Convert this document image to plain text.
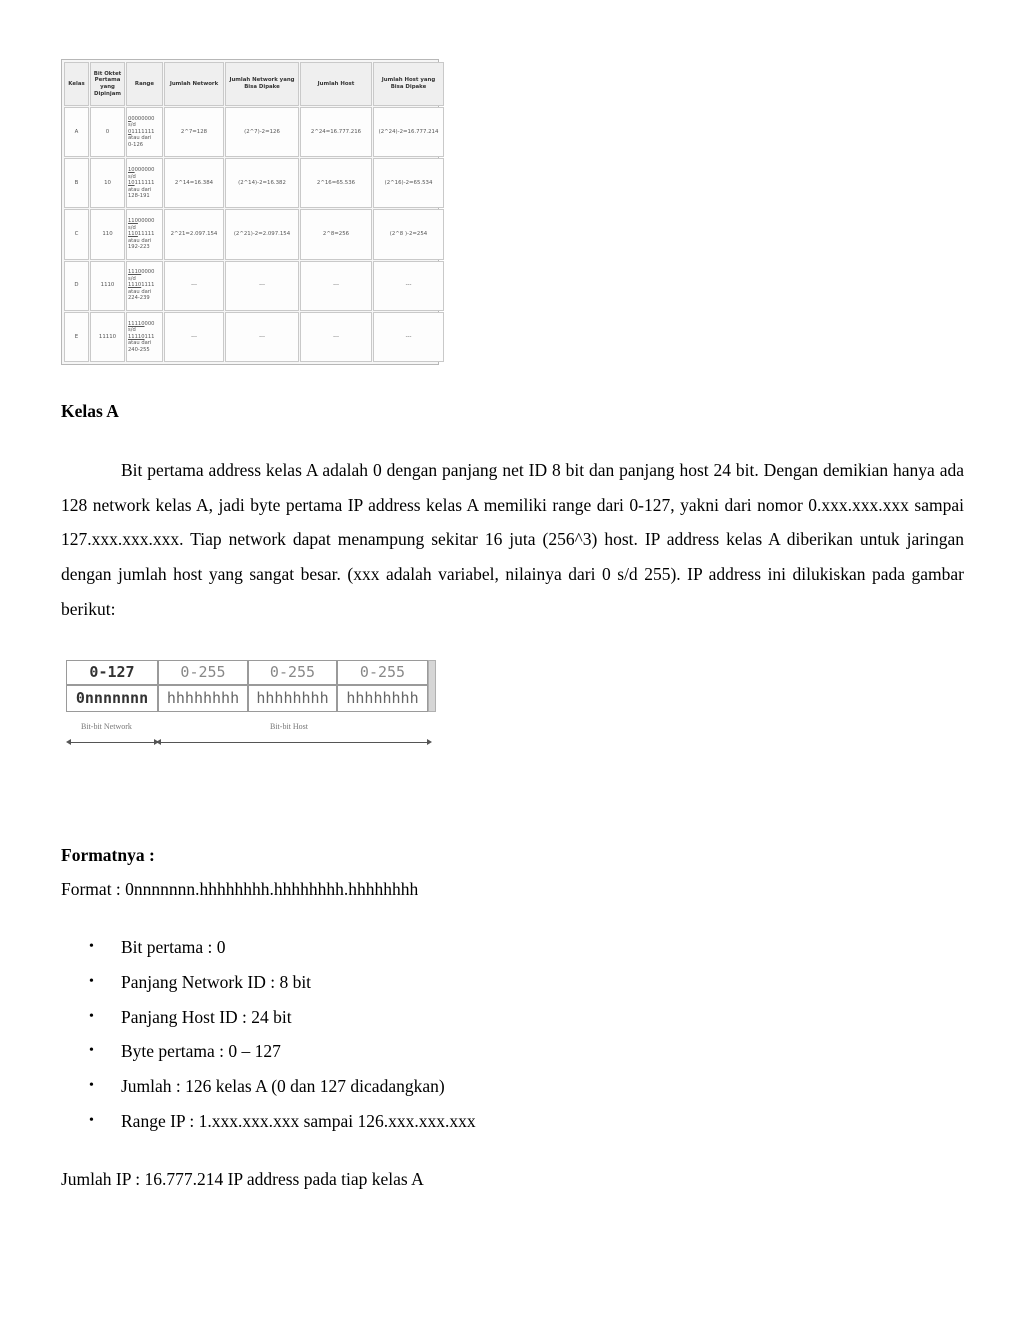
Kelas	Bit Oktet Pertama yang Dipinjam	Range	Jumlah Network	Jumlah Network yang Bisa Dipake	Jumlah Host	Jumlah Host yang Bisa Dipake
A	0	00000000
s/d
01111111
atau dari
0-126	2^7=128	(2^7)-2=126	2^24=16.777.216	(2^24)-2=16.777.214
B	10	10000000
s/d
10111111
atau dari
128-191	2^14=16.384	(2^14)-2=16.382	2^16=65.536	(2^16)-2=65.534
C	110	11000000
s/d
11011111
atau dari
192-223	2^21=2.097.154	(2^21)-2=2.097.154	2^8=256	(2^8 )-2=254
D	1110	11100000
s/d
11101111
atau dari
224-239	---	---	---	---
E	11110	11110000
s/d
11110111
atau dari
240-255	---	---	---	---
Kelas A
Bit pertama address kelas A adalah 0 dengan panjang net ID 8 bit dan panjang host 24 bit. Dengan demikian hanya ada 128 network kelas A, jadi byte pertama IP address kelas A memiliki range dari 0-127, yakni dari nomor 0.xxx.xxx.xxx sampai 127.xxx.xxx.xxx. Tiap network dapat menampung sekitar 16 juta (256^3) host. IP address kelas A diberikan untuk jaringan dengan jumlah host yang sangat besar. (xxx adalah variabel, nilainya dari 0 s/d 255). IP address ini dilukiskan pada gambar berikut:
0-127	0-255	0-255	0-255
0nnnnnnn	hhhhhhhh	hhhhhhhh	hhhhhhhh
Bit-bit Network	Bit-bit Host
Formatnya :
Format : 0nnnnnnn.hhhhhhhh.hhhhhhhh.hhhhhhhh
• Bit pertama : 0
• Panjang Network ID : 8 bit
• Panjang Host ID : 24 bit
• Byte pertama : 0 – 127
• Jumlah : 126 kelas A (0 dan 127 dicadangkan)
• Range IP : 1.xxx.xxx.xxx sampai 126.xxx.xxx.xxx
Jumlah IP : 16.777.214 IP address pada tiap kelas A
